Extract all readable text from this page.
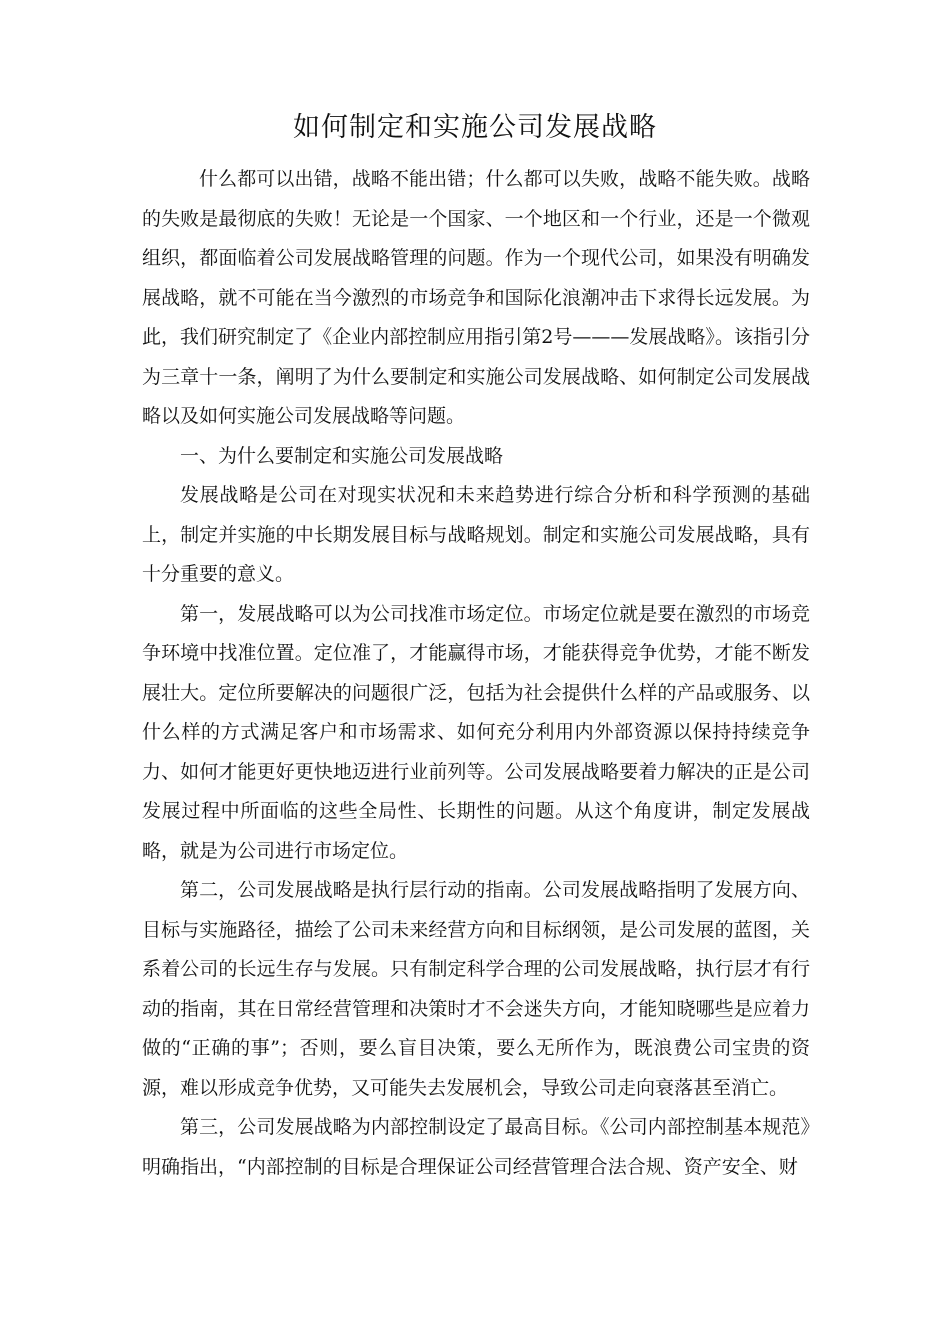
如何制定和实施公司发展战略

什么都可以出错，战略不能出错；什么都可以失败，战略不能失败。战略的失败是最彻底的失败！无论是一个国家、一个地区和一个行业，还是一个微观组织，都面临着公司发展战略管理的问题。作为一个现代公司，如果没有明确发展战略，就不可能在当今激烈的市场竞争和国际化浪潮冲击下求得长远发展。为此，我们研究制定了《企业内部控制应用指引第2号———发展战略》。该指引分为三章十一条，阐明了为什么要制定和实施公司发展战略、如何制定公司发展战略以及如何实施公司发展战略等问题。

一、为什么要制定和实施公司发展战略

发展战略是公司在对现实状况和未来趋势进行综合分析和科学预测的基础上，制定并实施的中长期发展目标与战略规划。制定和实施公司发展战略，具有十分重要的意义。

第一，发展战略可以为公司找准市场定位。市场定位就是要在激烈的市场竞争环境中找准位置。定位准了，才能赢得市场，才能获得竞争优势，才能不断发展壮大。定位所要解决的问题很广泛，包括为社会提供什么样的产品或服务、以什么样的方式满足客户和市场需求、如何充分利用内外部资源以保持持续竞争力、如何才能更好更快地迈进行业前列等。公司发展战略要着力解决的正是公司发展过程中所面临的这些全局性、长期性的问题。从这个角度讲，制定发展战略，就是为公司进行市场定位。

第二，公司发展战略是执行层行动的指南。公司发展战略指明了发展方向、目标与实施路径，描绘了公司未来经营方向和目标纲领，是公司发展的蓝图，关系着公司的长远生存与发展。只有制定科学合理的公司发展战略，执行层才有行动的指南，其在日常经营管理和决策时才不会迷失方向，才能知晓哪些是应着力做的“正确的事”；否则，要么盲目决策，要么无所作为，既浪费公司宝贵的资源，难以形成竞争优势，又可能失去发展机会，导致公司走向衰落甚至消亡。

第三，公司发展战略为内部控制设定了最高目标。《公司内部控制基本规范》明确指出，“内部控制的目标是合理保证公司经营管理合法合规、资产安全、财
